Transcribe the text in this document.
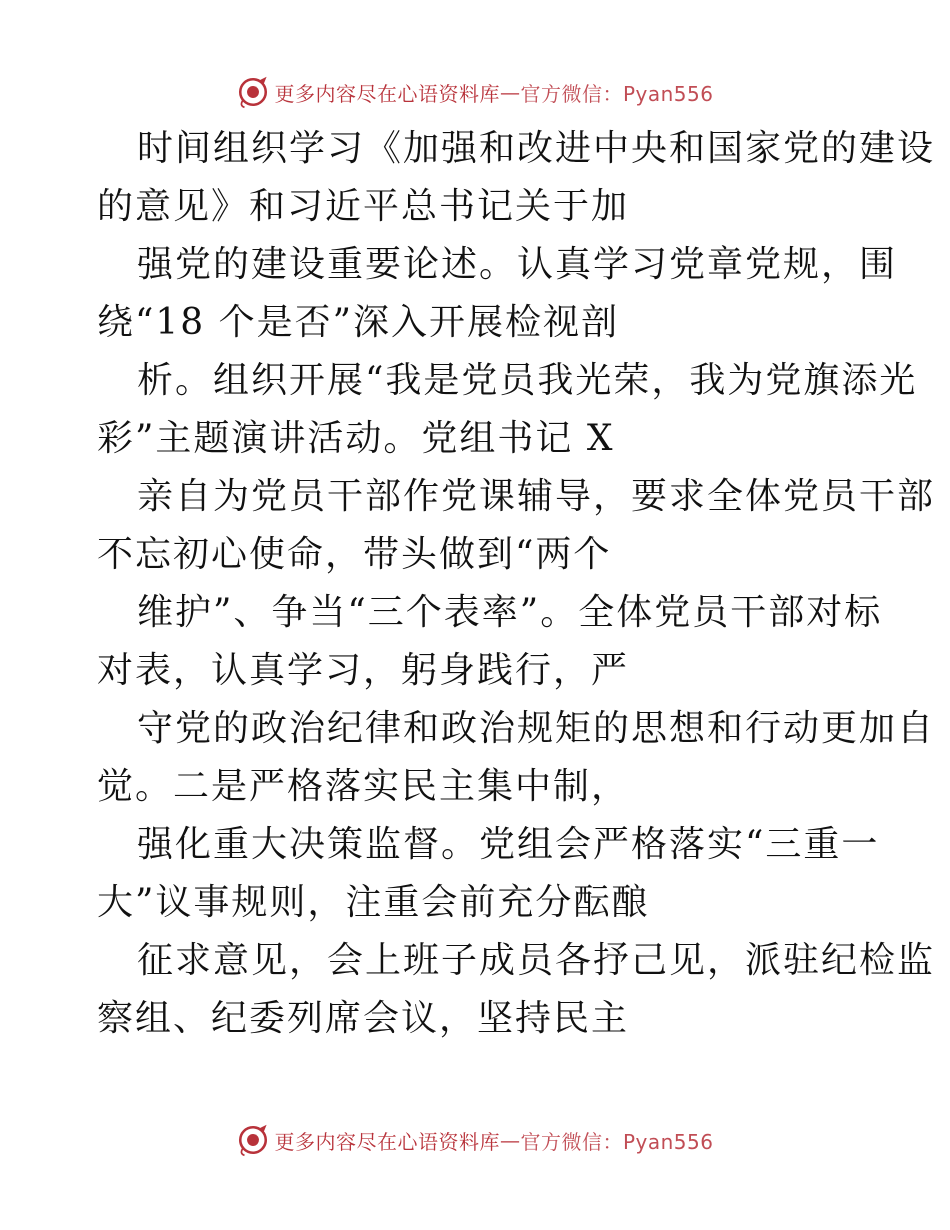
更多内容尽在心语资料库 — 官方微信：Pyan556
时间组织学习《加强和改进中央和国家党的建设
的意见》和习近平总书记关于加
强党的建设重要论述。认真学习党章党规，围
绕“18 个是否”深入开展检视剖
析。组织开展“我是党员我光荣，我为党旗添光
彩”主题演讲活动。党组书记 X
亲自为党员干部作党课辅导，要求全体党员干部
不忘初心使命，带头做到“两个
维护”、争当“三个表率”。全体党员干部对标
对表，认真学习，躬身践行，严
守党的政治纪律和政治规矩的思想和行动更加自
觉。二是严格落实民主集中制，
强化重大决策监督。党组会严格落实“三重一
大”议事规则，注重会前充分酝酿
征求意见，会上班子成员各抒己见，派驻纪检监
察组、纪委列席会议，坚持民主
更多内容尽在心语资料库 — 官方微信：Pyan556
